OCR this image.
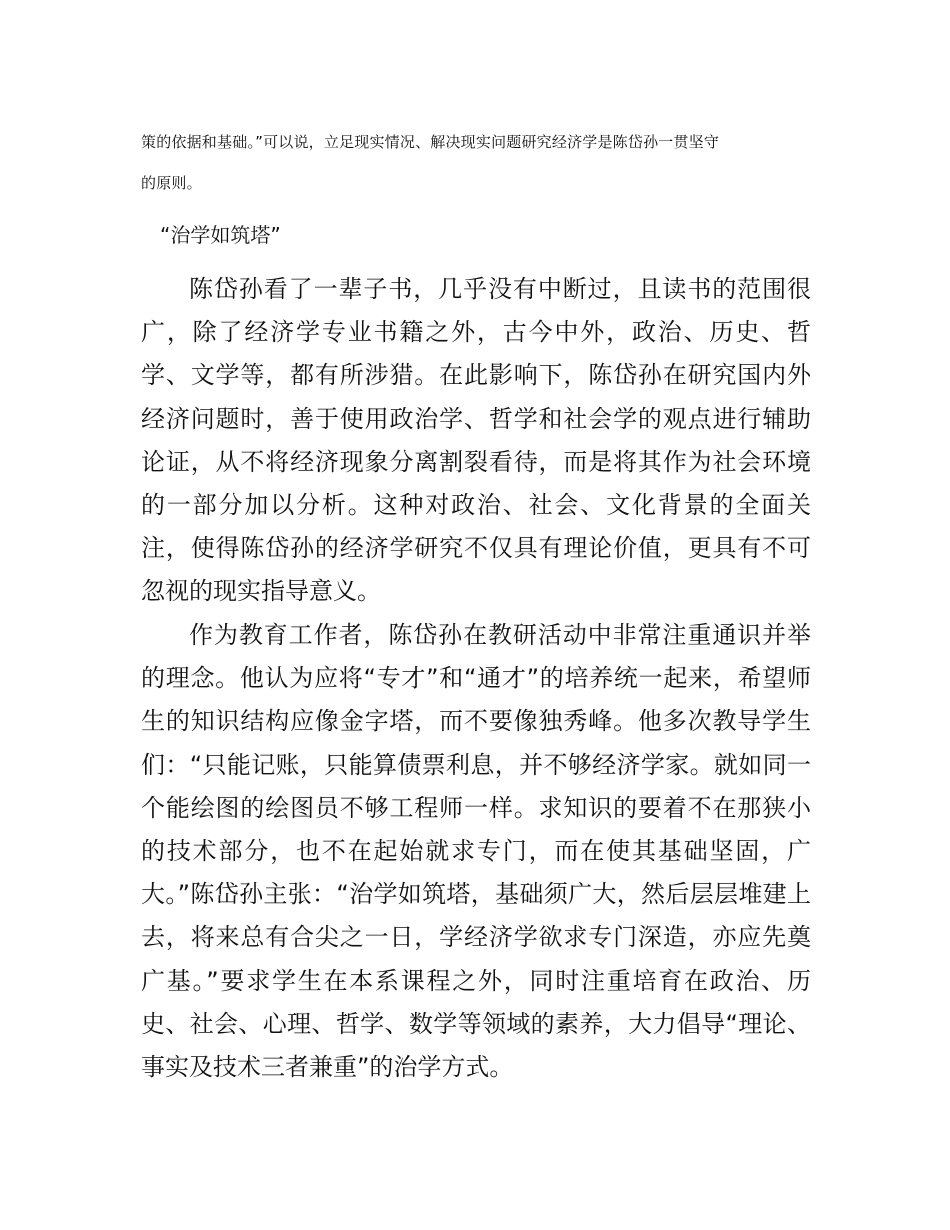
策的依据和基础。”可以说，立足现实情况、解决现实问题研究经济学是陈岱孙一贯坚守
的原则。
“治学如筑塔”

陈岱孙看了一辈子书，几乎没有中断过，且读书的范围很广，除了经济学专业书籍之外，古今中外，政治、历史、哲学、文学等，都有所涉猎。在此影响下，陈岱孙在研究国内外经济问题时，善于使用政治学、哲学和社会学的观点进行辅助论证，从不将经济现象分离割裂看待，而是将其作为社会环境的一部分加以分析。这种对政治、社会、文化背景的全面关注，使得陈岱孙的经济学研究不仅具有理论价值，更具有不可忽视的现实指导意义。

作为教育工作者，陈岱孙在教研活动中非常注重通识并举的理念。他认为应将“专才”和“通才”的培养统一起来，希望师生的知识结构应像金字塔，而不要像独秀峰。他多次教导学生们：“只能记账，只能算债票利息，并不够经济学家。就如同一个能绘图的绘图员不够工程师一样。求知识的要着不在那狭小的技术部分，也不在起始就求专门，而在使其基础坚固，广大。”陈岱孙主张：“治学如筑塔，基础须广大，然后层层堆建上去，将来总有合尖之一日，学经济学欲求专门深造，亦应先奠广基。”要求学生在本系课程之外，同时注重培育在政治、历史、社会、心理、哲学、数学等领域的素养，大力倡导“理论、事实及技术三者兼重”的治学方式。
